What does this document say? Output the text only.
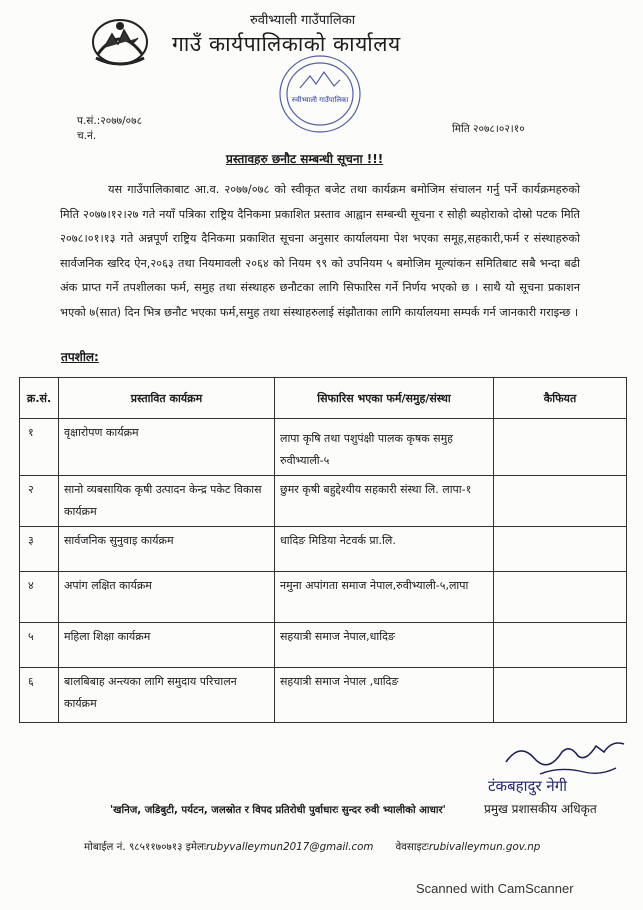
रुवीभ्याली गाउँपालिका
गाउँ कार्यपालिकाको कार्यालय
रुवीभ्याली गाउँपालिका
प.सं.:२०७७/०७८
च.नं.
मिति २०७८।०२।१०
प्रस्तावहरु छनौट सम्बन्धी सूचना !!!
यस गाउँपालिकाबाट आ.व. २०७७/०७८ को स्वीकृत बजेट तथा कार्यक्रम बमोजिम संचालन गर्नु पर्ने कार्यक्रमहरुको मिति २०७७।१२।२७ गते नयाँ पत्रिका राष्ट्रिय दैनिकमा प्रकाशित प्रस्ताव आह्वान सम्बन्धी सूचना र सोही ब्यहोराको दोस्रो पटक मिति २०७८।०१।१३ गते अन्नपूर्ण राष्ट्रिय दैनिकमा प्रकाशित सूचना अनुसार कार्यालयमा पेश भएका समूह,सहकारी,फर्म र संस्थाहरुको सार्वजनिक खरिद ऐन,२०६३ तथा नियमावली २०६४ को नियम ९९ को उपनियम ५ बमोजिम मूल्यांकन समितिबाट सबै भन्दा बढी अंक प्राप्त गर्ने तपशीलका फर्म, समुह तथा संस्थाहरु छनौटका लागि सिफारिस गर्ने निर्णय भएको छ । साथै यो सूचना प्रकाशन भएको ७(सात) दिन भित्र छनौट भएका फर्म,समुह तथा संस्थाहरुलाई संझौताका लागि कार्यालयमा सम्पर्क गर्न जानकारी गराइन्छ ।
तपशील:
क्र.सं.	प्रस्तावित कार्यक्रम	सिफारिस भएका फर्म/समुह/संस्था	कैफियत
१	वृक्षारोपण कार्यक्रम	लापा कृषि तथा पशुपंक्षी पालक कृषक समुह रुवीभ्याली-५	
२	सानो व्यबसायिक कृषी उत्पादन केन्द्र पकेट विकास कार्यक्रम	छुमर कृषी बहुद्देश्यीय सहकारी संस्था लि. लापा-१	
३	सार्वजनिक सुनुवाइ कार्यक्रम	धादिङ मिडिया नेटवर्क प्रा.लि.	
४	अपांग लक्षित कार्यक्रम	नमुना अपांगता समाज नेपाल,रुवीभ्याली-५,लापा	
५	महिला शिक्षा कार्यक्रम	सहयात्री समाज नेपाल,धादिङ	
६	बालबिबाह अन्त्यका लागि समुदाय परिचालन कार्यक्रम	सहयात्री समाज नेपाल ,धादिङ	
टंकबहादुर नेगी
'खनिज, जडिबुटी, पर्यटन, जलस्रोत र विपद प्रतिरोधी पुर्वाधारः सुन्दर रुवी भ्यालीको आधार'	प्रमुख प्रशासकीय अधिकृत
मोबाईल नं. ९८५११७०७१३ इमेलःrubyvalleymun2017@gmail.com वेवसाइटःrubivalleymun.gov.np
Scanned with CamScanner
